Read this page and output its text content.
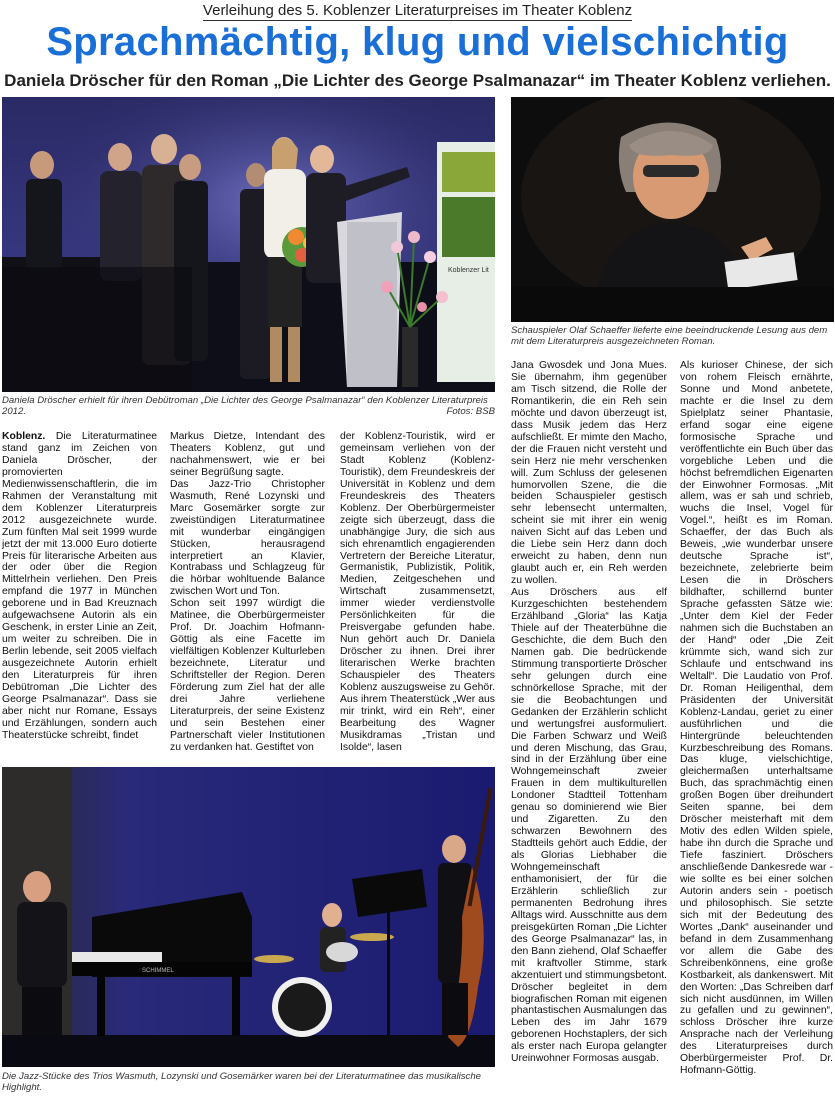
Verleihung des 5. Koblenzer Literaturpreises im Theater Koblenz
Sprachmächtig, klug und vielschichtig
Daniela Dröscher für den Roman „Die Lichter des George Psalmanazar“ im Theater Koblenz verliehen.
Koblenzer Lit
Daniela Dröscher erhielt für ihren Debütroman „Die Lichter des George Psalmanazar“ den Koblenzer Literaturpreis 2012.	Fotos: BSB
Schauspieler Olaf Schaeffer lieferte eine beeindruckende Lesung aus dem mit dem Literaturpreis ausgezeichneten Roman.
SCHIMMEL
Die Jazz-Stücke des Trios Wasmuth, Lozynski und Gosemärker waren bei der Literaturmatinee das musikalische Highlight.

Koblenz. Die Literaturmatinee stand ganz im Zeichen von Daniela Dröscher, der promovierten Medienwissenschaftlerin, die im Rahmen der Veranstaltung mit dem Koblenzer Literaturpreis 2012 ausgezeichnete wurde. Zum fünften Mal seit 1999 wurde jetzt der mit 13.000 Euro dotierte Preis für literarische Arbeiten aus der oder über die Region Mittelrhein verliehen. Den Preis empfand die 1977 in München geborene und in Bad Kreuznach aufgewachsene Autorin als ein Geschenk, in erster Linie an Zeit, um weiter zu schreiben. Die in Berlin lebende, seit 2005 vielfach ausgezeichnete Autorin erhielt den Literaturpreis für ihren Debütroman „Die Lichter des George Psalmanazar“. Dass sie aber nicht nur Romane, Essays und Erzählungen, sondern auch Theaterstücke schreibt, findet

Markus Dietze, Intendant des Theaters Koblenz, gut und nachahmenswert, wie er bei seiner Begrüßung sagte.

Das Jazz-Trio Christopher Wasmuth, René Lozynski und Marc Gosemärker sorgte zur zweistündigen Literaturmatinee mit wunderbar eingängigen Stücken, herausragend interpretiert an Klavier, Kontrabass und Schlagzeug für die hörbar wohltuende Balance zwischen Wort und Ton.

Schon seit 1997 würdigt die Matinee, die Oberbürgermeister Prof. Dr. Joachim Hofmann-Göttig als eine Facette im vielfältigen Koblenzer Kulturleben bezeichnete, Literatur und Schriftsteller der Region. Deren Förderung zum Ziel hat der alle drei Jahre verliehene Literaturpreis, der seine Existenz und sein Bestehen einer Partnerschaft vieler Institutionen zu verdanken hat. Gestiftet von

der Koblenz-Touristik, wird er gemeinsam verliehen von der Stadt Koblenz (Koblenz-Touristik), dem Freundeskreis der Universität in Koblenz und dem Freundeskreis des Theaters Koblenz. Der Oberbürgermeister zeigte sich überzeugt, dass die unabhängige Jury, die sich aus sich ehrenamtlich engagierenden Vertretern der Bereiche Literatur, Germanistik, Publizistik, Politik, Medien, Zeitgeschehen und Wirtschaft zusammensetzt, immer wieder verdienstvolle Persönlichkeiten für die Preisvergabe gefunden habe. Nun gehört auch Dr. Daniela Dröscher zu ihnen. Drei ihrer literarischen Werke brachten Schauspieler des Theaters Koblenz auszugsweise zu Gehör. Aus ihrem Theaterstück „Wer aus mir trinkt, wird ein Reh“, einer Bearbeitung des Wagner Musikdramas „Tristan und Isolde“, lasen

Jana Gwosdek und Jona Mues. Sie übernahm, ihm gegenüber am Tisch sitzend, die Rolle der Romantikerin, die ein Reh sein möchte und davon überzeugt ist, dass Musik jedem das Herz aufschließt. Er mimte den Macho, der die Frauen nicht versteht und sein Herz nie mehr verschenken will. Zum Schluss der gelesenen humorvollen Szene, die die beiden Schauspieler gestisch sehr lebensecht untermalten, scheint sie mit ihrer ein wenig naiven Sicht auf das Leben und die Liebe sein Herz dann doch erweicht zu haben, denn nun glaubt auch er, ein Reh werden zu wollen.

Aus Dröschers aus elf Kurzgeschichten bestehendem Erzählband „Gloria“ las Katja Thiele auf der Theaterbühne die Geschichte, die dem Buch den Namen gab. Die bedrückende Stimmung transportierte Dröscher sehr gelungen durch eine schnörkellose Sprache, mit der sie die Beobachtungen und Gedanken der Erzählerin schlicht und wertungsfrei ausformuliert. Die Farben Schwarz und Weiß und deren Mischung, das Grau, sind in der Erzählung über eine Wohngemeinschaft zweier Frauen in dem multikulturellen Londoner Stadtteil Tottenham genau so dominierend wie Bier und Zigaretten. Zu den schwarzen Bewohnern des Stadtteils gehört auch Eddie, der als Glorias Liebhaber die Wohngemeinschaft enthamonisiert, der für die Erzählerin schließlich zur permanenten Bedrohung ihres Alltags wird. Ausschnitte aus dem preisgekürten Roman „Die Lichter des George Psalmanazar“ las, in den Bann ziehend, Olaf Schaeffer mit kraftvoller Stimme, stark akzentuiert und stimmungsbetont. Dröscher begleitet in dem biografischen Roman mit eigenen phantastischen Ausmalungen das Leben des im Jahr 1679 geborenen Hochstaplers, der sich als erster nach Europa gelangter Ureinwohner Formosas ausgab.

Als kurioser Chinese, der sich von rohem Fleisch ernährte, Sonne und Mond anbetete, machte er die Insel zu dem Spielplatz seiner Phantasie, erfand sogar eine eigene formosische Sprache und veröffentlichte ein Buch über das vorgebliche Leben und die höchst befremdlichen Eigenarten der Einwohner Formosas. „Mit allem, was er sah und schrieb, wuchs die Insel, Vogel für Vogel.“, heißt es im Roman. Schaeffer, der das Buch als Beweis, „wie wunderbar unsere deutsche Sprache ist“, bezeichnete, zelebrierte beim Lesen die in Dröschers bildhafter, schillernd bunter Sprache gefassten Sätze wie: „Unter dem Kiel der Feder nahmen sich die Buchstaben an der Hand“ oder „Die Zeit krümmte sich, wand sich zur Schlaufe und entschwand ins Weltall“. Die Laudatio von Prof. Dr. Roman Heiligenthal, dem Präsidenten der Universität Koblenz-Landau, geriet zu einer ausführlichen und die Hintergründe beleuchtenden Kurzbeschreibung des Romans. Das kluge, vielschichtige, gleichermaßen unterhaltsame Buch, das sprachmächtig einen großen Bogen über dreihundert Seiten spanne, bei dem Dröscher meisterhaft mit dem Motiv des edlen Wilden spiele, habe ihn durch die Sprache und Tiefe fasziniert. Dröschers anschließende Dankesrede war - wie sollte es bei einer solchen Autorin anders sein - poetisch und philosophisch. Sie setzte sich mit der Bedeutung des Wortes „Dank“ auseinander und befand in dem Zusammenhang vor allem die Gabe des Schreibenkönnens, eine große Kostbarkeit, als dankenswert. Mit den Worten: „Das Schreiben darf sich nicht ausdünnen, im Willen zu gefallen und zu gewinnen“, schloss Dröscher ihre kurze Ansprache nach der Verleihung des Literaturpreises durch Oberbürgermeister Prof. Dr. Hofmann-Göttig.
